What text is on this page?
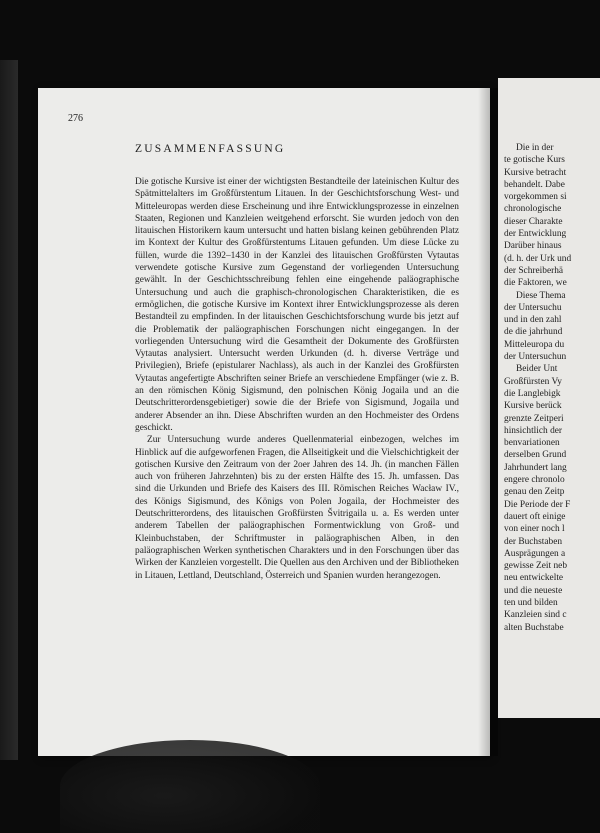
276
ZUSAMMENFASSUNG

Die gotische Kursive ist einer der wichtigsten Bestandteile der lateinischen Kultur des Spätmittelalters im Großfürstentum Litauen. In der Geschichtsforschung West- und Mitteleuropas werden diese Erscheinung und ihre Entwicklungsprozesse in einzelnen Staaten, Regionen und Kanzleien weitgehend erforscht. Sie wurden jedoch von den litauischen Historikern kaum untersucht und hatten bislang keinen gebührenden Platz im Kontext der Kultur des Großfürstentums Litauen gefunden. Um diese Lücke zu füllen, wurde die 1392–1430 in der Kanzlei des litauischen Großfürsten Vytautas verwendete gotische Kursive zum Gegenstand der vorliegenden Untersuchung gewählt. In der Geschichtsschreibung fehlen eine eingehende paläographische Untersuchung und auch die graphisch-chronologischen Charakteristiken, die es ermöglichen, die gotische Kursive im Kontext ihrer Entwicklungsprozesse als deren Bestandteil zu empfinden. In der litauischen Geschichtsforschung wurde bis jetzt auf die Problematik der paläographischen Forschungen nicht eingegangen. In der vorliegenden Untersuchung wird die Gesamtheit der Dokumente des Großfürsten Vytautas analysiert. Untersucht werden Urkunden (d. h. diverse Verträge und Privilegien), Briefe (epistularer Nachlass), als auch in der Kanzlei des Großfürsten Vytautas angefertigte Abschriften seiner Briefe an verschiedene Empfänger (wie z. B. an den römischen König Sigismund, den polnischen König Jogaila und an die Deutschritterordensgebietiger) sowie die der Briefe von Sigismund, Jogaila und anderer Absender an ihn. Diese Abschriften wurden an den Hochmeister des Ordens geschickt.

Zur Untersuchung wurde anderes Quellenmaterial einbezogen, welches im Hinblick auf die aufgeworfenen Fragen, die Allseitigkeit und die Vielschichtigkeit der gotischen Kursive den Zeitraum von der 2oer Jahren des 14. Jh. (in manchen Fällen auch von früheren Jahrzehnten) bis zu der ersten Hälfte des 15. Jh. umfassen. Das sind die Urkunden und Briefe des Kaisers des III. Römischen Reiches Wacław IV., des Königs Sigismund, des Königs von Polen Jogaila, der Hochmeister des Deutschritterordens, des litauischen Großfürsten Švitrigaila u. a. Es werden unter anderem Tabellen der paläographischen Formentwicklung von Groß- und Kleinbuchstaben, der Schriftmuster in paläographischen Alben, in den paläographischen Werken synthetischen Charakters und in den Forschungen über das Wirken der Kanzleien vorgestellt. Die Quellen aus den Archiven und der Bibliotheken in Litauen, Lettland, Deutschland, Österreich und Spanien wurden herangezogen.

Die in der
te gotische Kurs
Kursive betracht
behandelt. Dabe
vorgekommen si
chronologische
dieser Charakte
der Entwicklung
Darüber hinaus
(d. h. der Urk und
der Schreiberhä
die Faktoren, we
Diese Thema
der Untersuchu
und in den zahl
de die jahrhund
Mitteleuropa du
der Untersuchun
Beider Unt
Großfürsten Vy
die Langlebigk
Kursive berück
grenzte Zeitperi
hinsichtlich der
benvariationen
derselben Grund
Jahrhundert lang
engere chronolo
genau den Zeitp
Die Periode der F
dauert oft einige
von einer noch l
der Buchstaben
Ausprägungen a
gewisse Zeit neb
neu entwickelte
und die neueste
ten und bilden
Kanzleien sind c
alten Buchstabe
